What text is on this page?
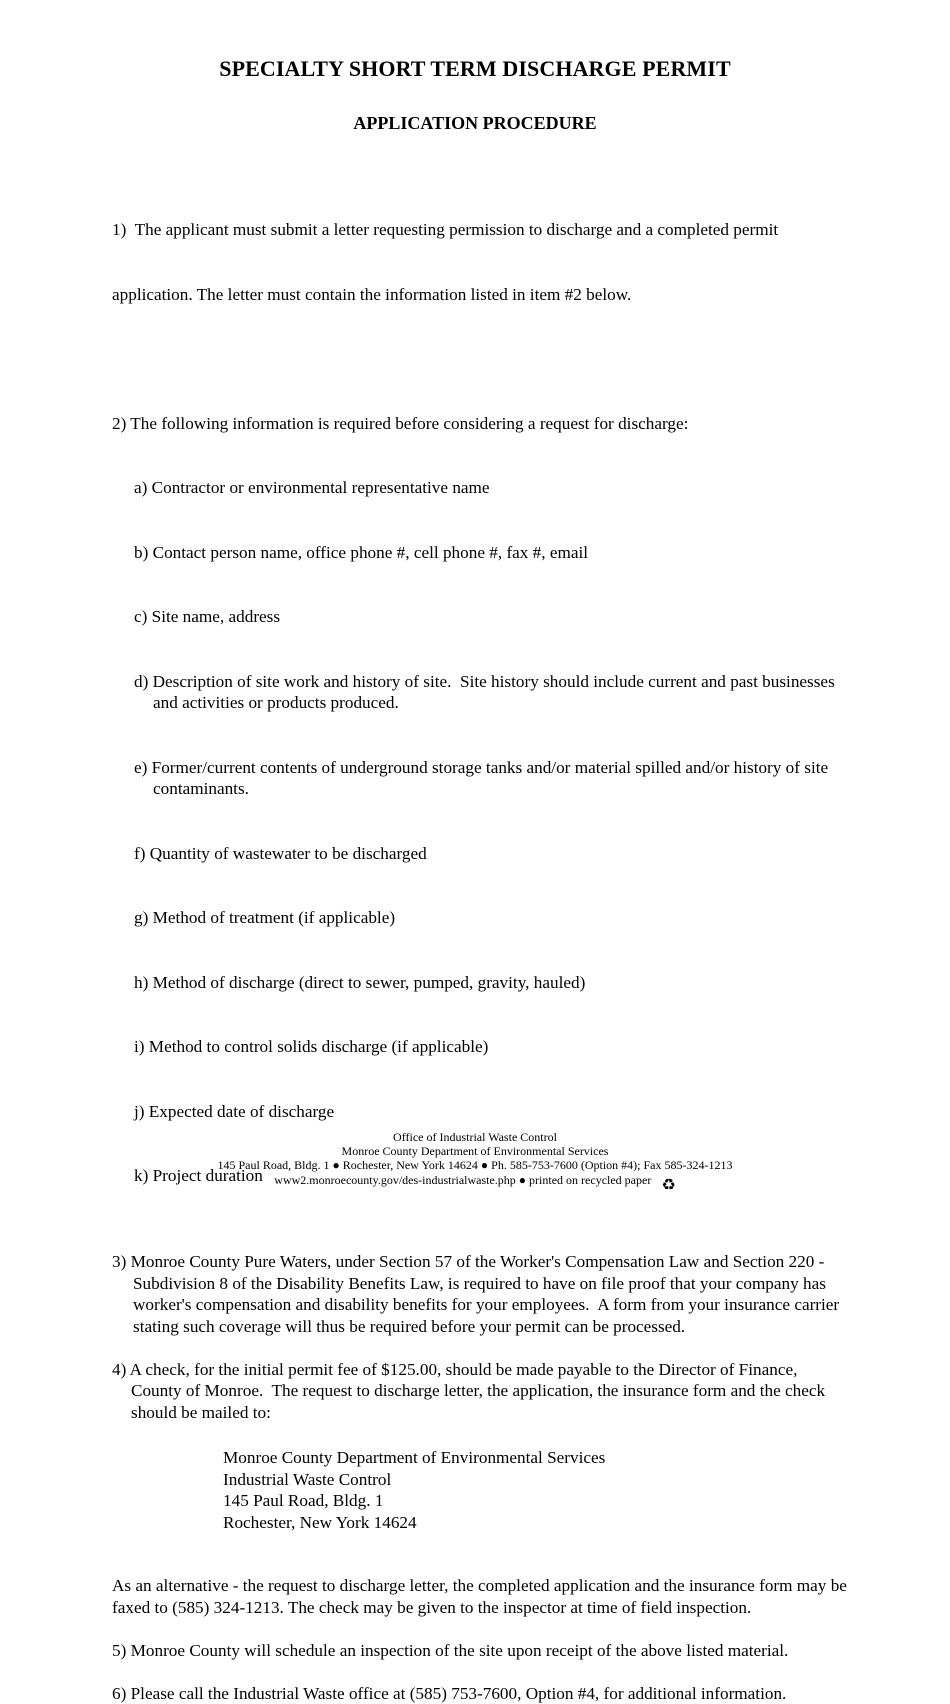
SPECIALTY SHORT TERM DISCHARGE PERMIT
APPLICATION PROCEDURE

1)  The applicant must submit a letter requesting permission to discharge and a completed permit

application. The letter must contain the information listed in item #2 below.

2) The following information is required before considering a request for discharge:

a) Contractor or environmental representative name

b) Contact person name, office phone #, cell phone #, fax #, email

c) Site name, address

d) Description of site work and history of site.  Site history should include current and past businesses and activities or products produced.

e) Former/current contents of underground storage tanks and/or material spilled and/or history of site contaminants.

f) Quantity of wastewater to be discharged

g) Method of treatment (if applicable)

h) Method of discharge (direct to sewer, pumped, gravity, hauled)

i) Method to control solids discharge (if applicable)

j) Expected date of discharge

k) Project duration

3) Monroe County Pure Waters, under Section 57 of the Worker's Compensation Law and Section 220 - Subdivision 8 of the Disability Benefits Law, is required to have on file proof that your company has worker's compensation and disability benefits for your employees.  A form from your insurance carrier stating such coverage will thus be required before your permit can be processed.
4) A check, for the initial permit fee of $125.00, should be made payable to the Director of Finance, County of Monroe.  The request to discharge letter, the application, the insurance form and the check should be mailed to:
Monroe County Department of Environmental Services
Industrial Waste Control
145 Paul Road, Bldg. 1
Rochester, New York 14624
As an alternative - the request to discharge letter, the completed application and the insurance form may be faxed to (585) 324-1213. The check may be given to the inspector at time of field inspection.
5) Monroe County will schedule an inspection of the site upon receipt of the above listed material.
6) Please call the Industrial Waste office at (585) 753-7600, Option #4, for additional information.
Office of Industrial Waste Control
Monroe County Department of Environmental Services
145 Paul Road, Bldg. 1 ● Rochester, New York 14624 ● Ph. 585-753-7600 (Option #4); Fax 585-324-1213
www2.monroecounty.gov/des-industrialwaste.php ● printed on recycled paper ♻
